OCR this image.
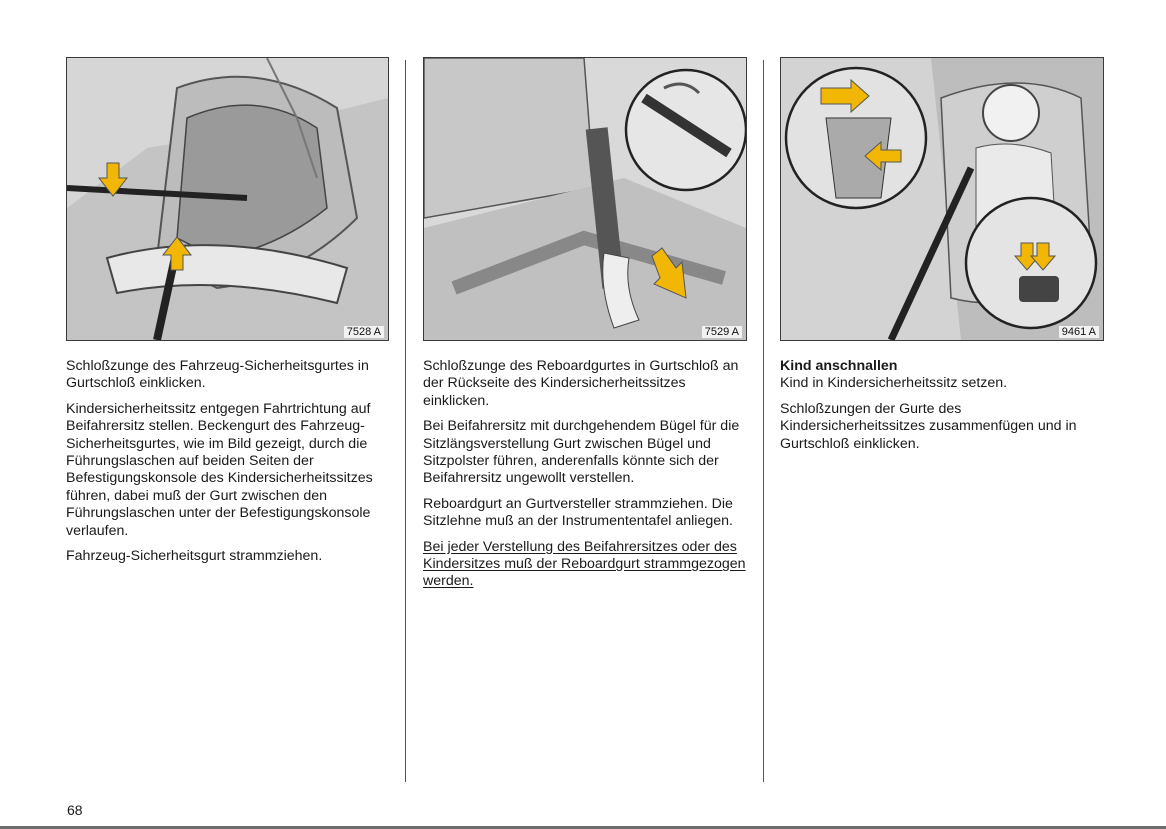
7528 A

Schloßzunge des Fahrzeug-Sicherheitsgurtes in Gurtschloß einklicken.

Kindersicherheitssitz entgegen Fahrtrichtung auf Beifahrersitz stellen. Beckengurt des Fahrzeug-Sicherheitsgurtes, wie im Bild gezeigt, durch die Führungslaschen auf beiden Seiten der Befestigungskonsole des Kindersicherheitssitzes führen, dabei muß der Gurt zwischen den Führungslaschen unter der Befestigungskonsole verlaufen.

Fahrzeug-Sicherheitsgurt strammziehen.

7529 A

Schloßzunge des Reboardgurtes in Gurtschloß an der Rückseite des Kindersicherheitssitzes einklicken.

Bei Beifahrersitz mit durchgehendem Bügel für die Sitzlängsverstellung Gurt zwischen Bügel und Sitzpolster führen, anderenfalls könnte sich der Beifahrersitz ungewollt verstellen.

Reboardgurt an Gurtversteller strammziehen. Die Sitzlehne muß an der Instrumententafel anliegen.

Bei jeder Verstellung des Beifahrersitzes oder des Kindersitzes muß der Reboardgurt strammgezogen werden.

9461 A

Kind anschnallen
Kind in Kindersicherheitssitz setzen.

Schloßzungen der Gurte des Kindersicherheitssitzes zusammenfügen und in Gurtschloß einklicken.

68
